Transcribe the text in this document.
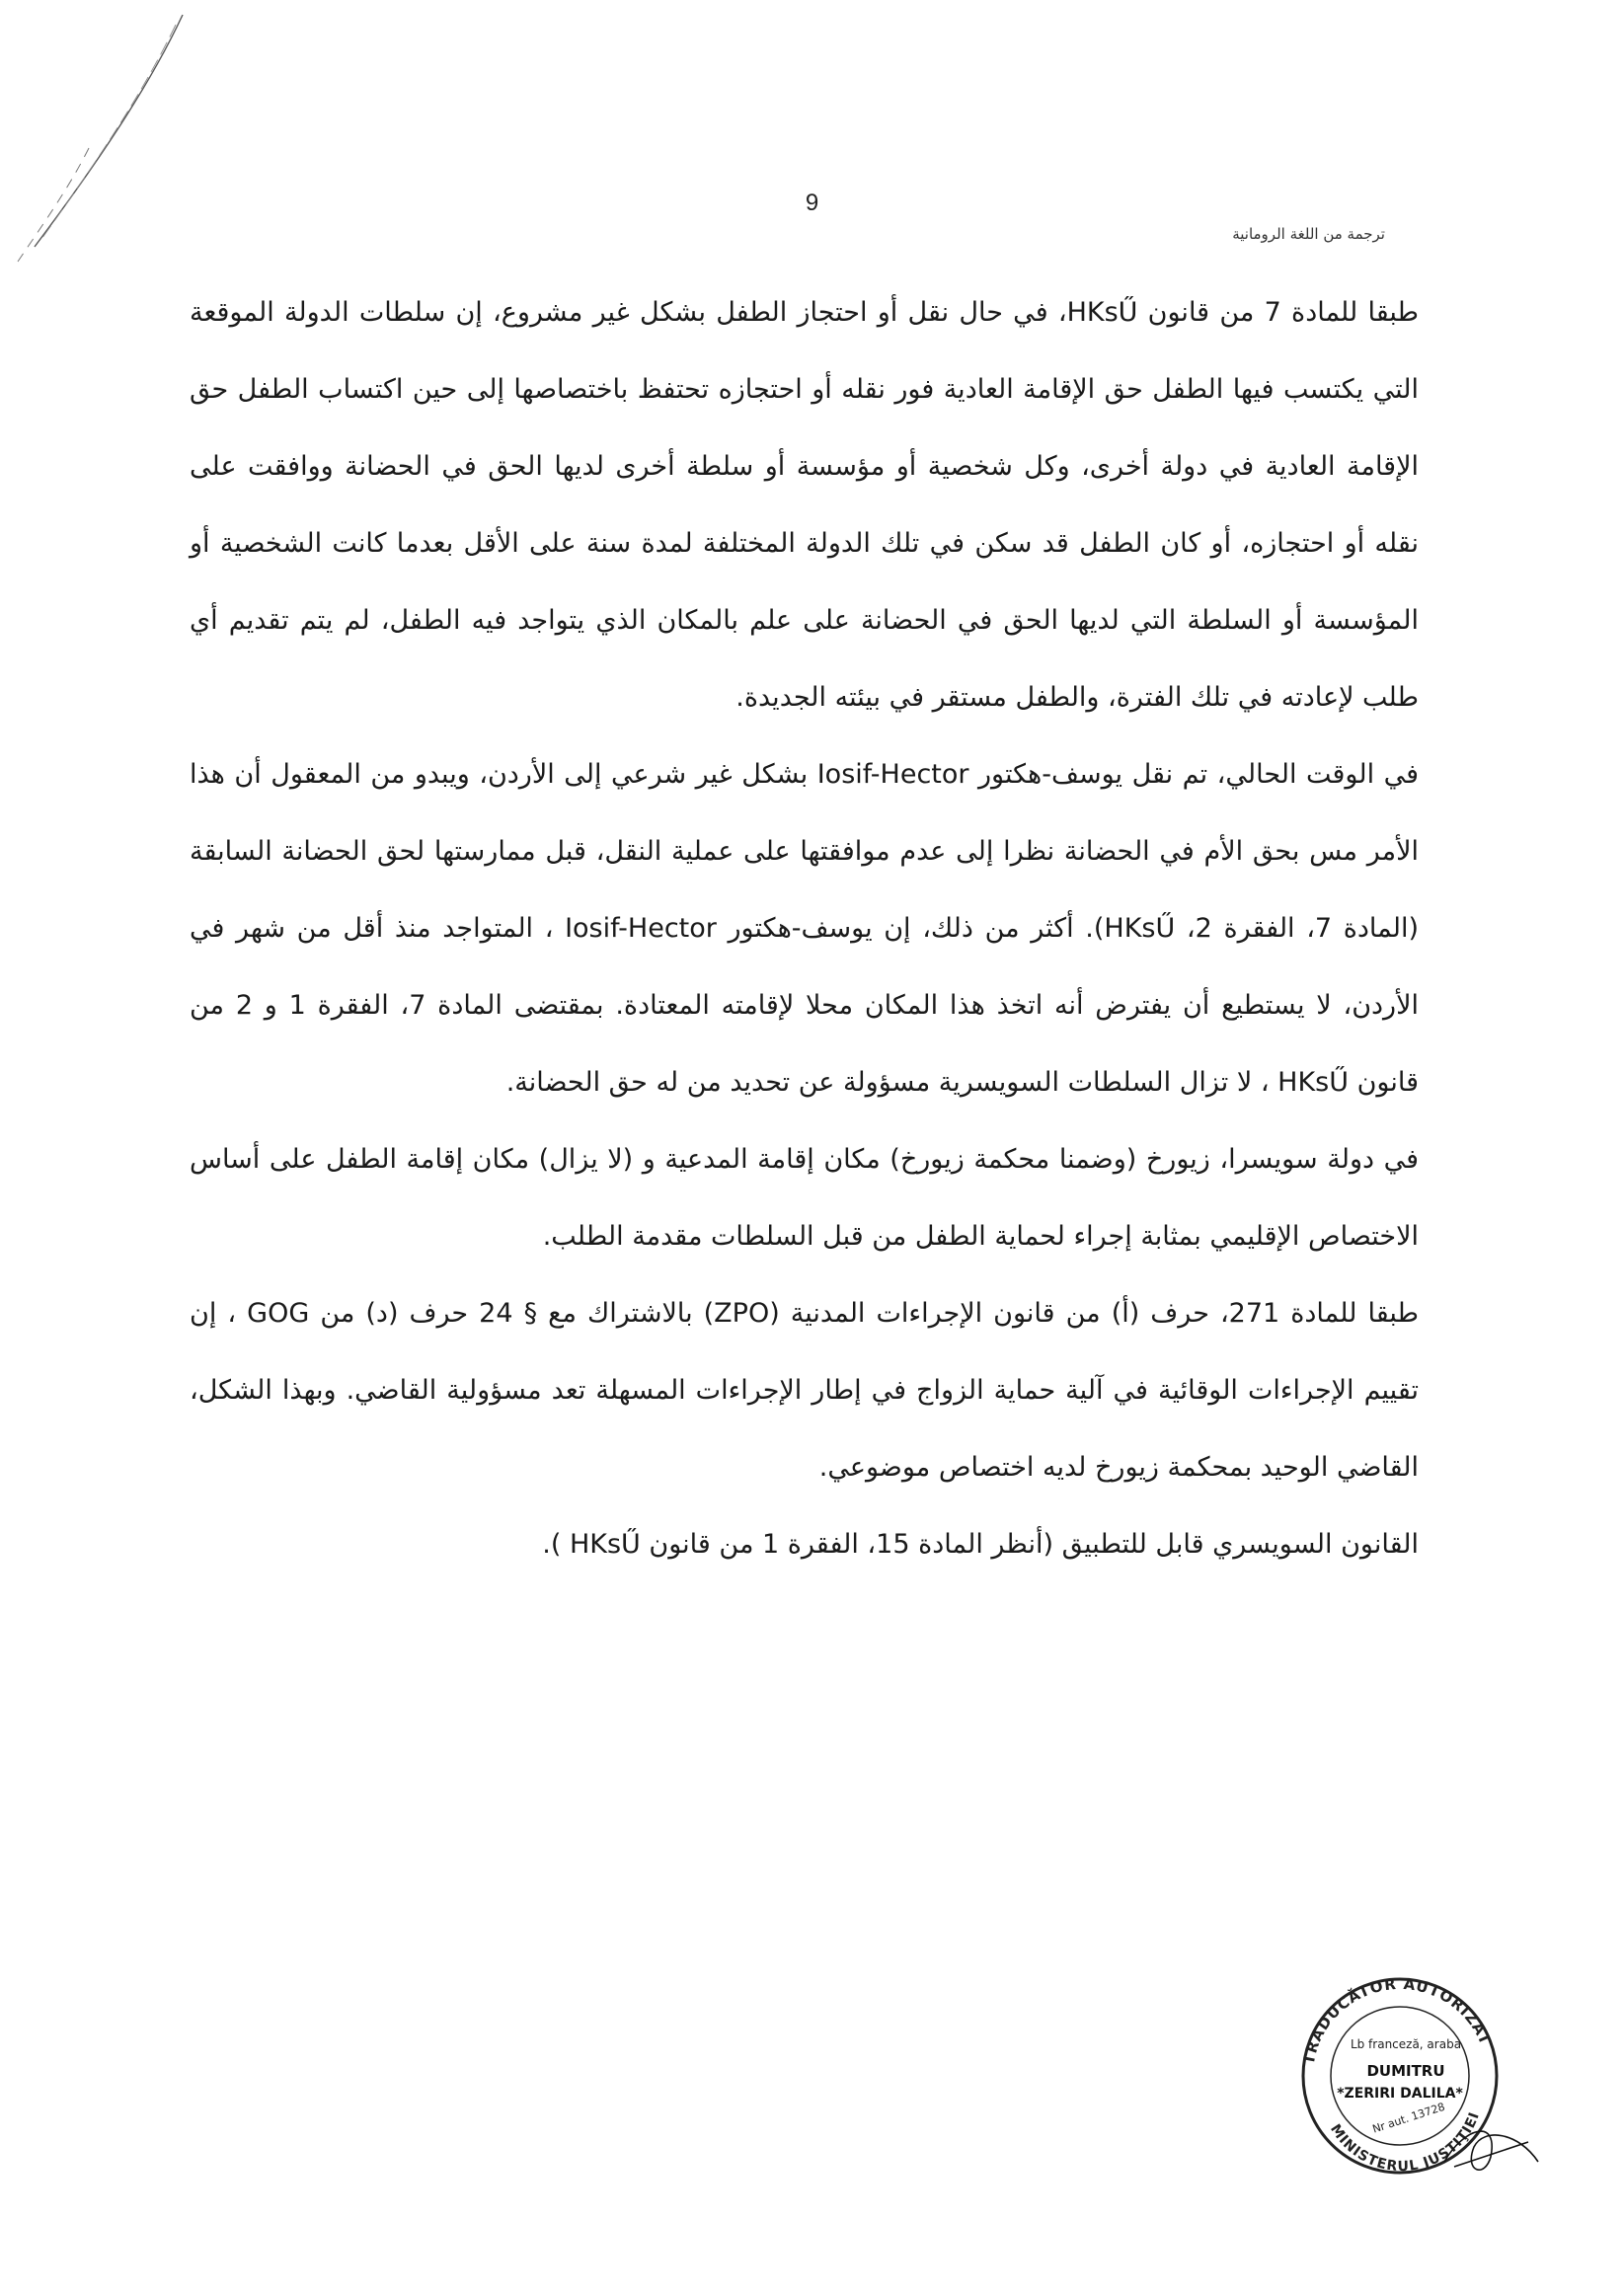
9
ترجمة من اللغة الرومانية

طبقا للمادة 7 من قانون HKsŰ، في حال نقل أو احتجاز الطفل بشكل غير مشروع، إن سلطات الدولة الموقعة التي يكتسب فيها الطفل حق الإقامة العادية فور نقله أو احتجازه تحتفظ باختصاصها إلى حين اكتساب الطفل حق الإقامة العادية في دولة أخرى، وكل شخصية أو مؤسسة أو سلطة أخرى لديها الحق في الحضانة ووافقت على نقله أو احتجازه، أو كان الطفل قد سكن في تلك الدولة المختلفة لمدة سنة على الأقل بعدما كانت الشخصية أو المؤسسة أو السلطة التي لديها الحق في الحضانة على علم بالمكان الذي يتواجد فيه الطفل، لم يتم تقديم أي طلب لإعادته في تلك الفترة، والطفل مستقر في بيئته الجديدة.

في الوقت الحالي، تم نقل يوسف-هكتور Iosif-Hector بشكل غير شرعي إلى الأردن، ويبدو من المعقول أن هذا الأمر مس بحق الأم في الحضانة نظرا إلى عدم موافقتها على عملية النقل، قبل ممارستها لحق الحضانة السابقة (المادة 7، الفقرة 2، HKsŰ). أكثر من ذلك، إن يوسف-هكتور Iosif-Hector ، المتواجد منذ أقل من شهر في الأردن، لا يستطيع أن يفترض أنه اتخذ هذا المكان محلا لإقامته المعتادة. بمقتضى المادة 7، الفقرة 1 و 2 من قانون HKsŰ ، لا تزال السلطات السويسرية مسؤولة عن تحديد من له حق الحضانة.

في دولة سويسرا، زيورخ (وضمنا محكمة زيورخ) مكان إقامة المدعية و (لا يزال) مكان إقامة الطفل على أساس الاختصاص الإقليمي بمثابة إجراء لحماية الطفل من قبل السلطات مقدمة الطلب.

طبقا للمادة 271، حرف (أ) من قانون الإجراءات المدنية (ZPO) بالاشتراك مع § 24 حرف (د) من GOG ، إن تقييم الإجراءات الوقائية في آلية حماية الزواج في إطار الإجراءات المسهلة تعد مسؤولية القاضي. وبهذا الشكل، القاضي الوحيد بمحكمة زيورخ لديه اختصاص موضوعي.

القانون السويسري قابل للتطبيق (أنظر المادة 15، الفقرة 1 من قانون HKsŰ ).

TRADUCĂTOR AUTORIZAT
MINISTERUL JUSTIŢIEI
Lb franceză, araba
DUMITRU
*ZERIRI DALILA*
Nr aut. 13728
